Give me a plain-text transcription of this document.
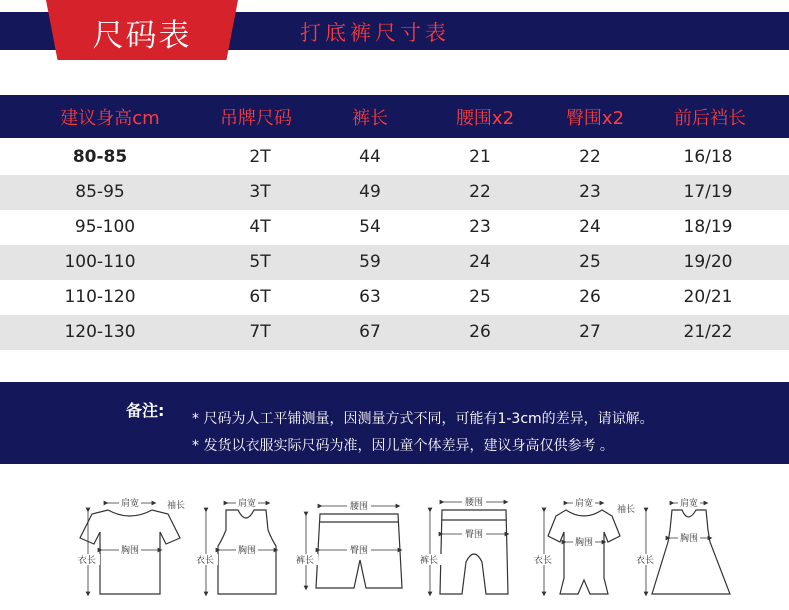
尺码表	打底裤尺寸表
建议身高cm	吊牌尺码	裤长	腰围x2	臀围x2	前后裆长
80-85	2T	44	21	22	16/18
85-95	3T	49	22	23	17/19
95-100	4T	54	23	24	18/19
100-110	5T	59	24	25	19/20
110-120	6T	63	25	26	20/21
120-130	7T	67	26	27	21/22
备注: * 尺码为人工平铺测量，因测量方式不同，可能有1-3cm的差异，请谅解。
* 发货以衣服实际尺码为准，因儿童个体差异，建议身高仅供参考 。
肩宽
胸围
衣长
袖长	肩宽
胸围
衣长
腰围
臀围
裤长
腰围
臀围
裤长
肩宽
胸围
衣长
袖长
肩宽
胸围
衣长
